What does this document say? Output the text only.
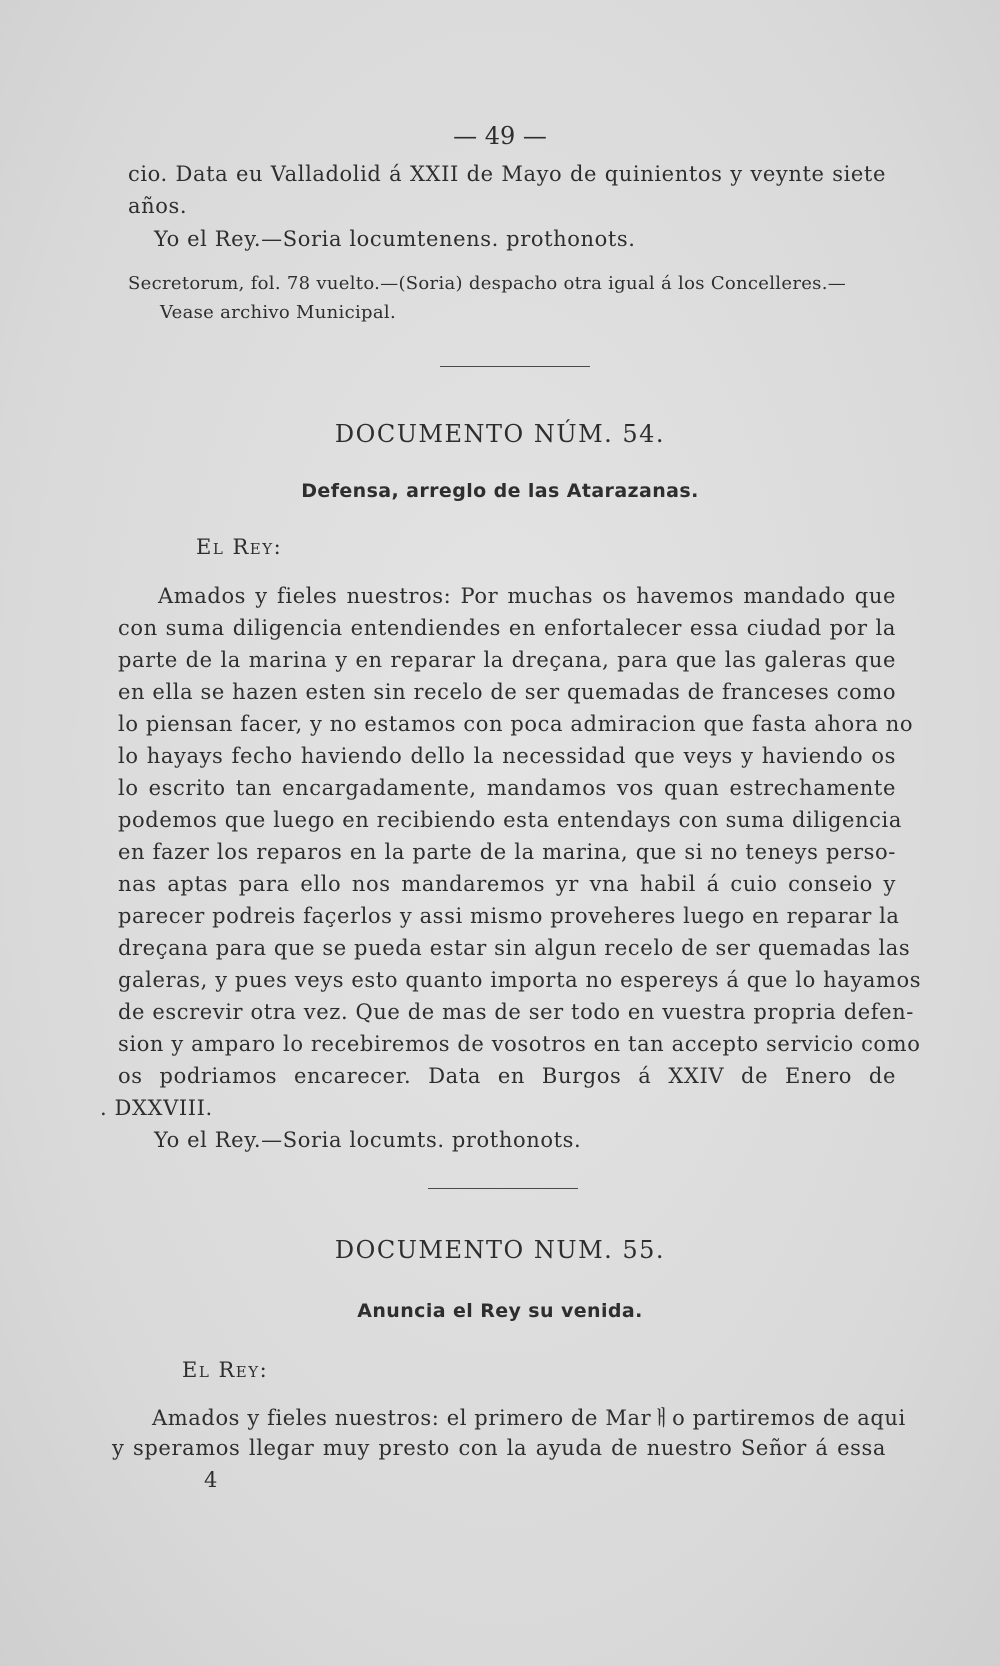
— 49 —
cio. Data eu Valladolid á XXII de Mayo de quinientos y veynte siete
años.
Yo el Rey.—Soria locumtenens. prothonots.
Secretorum, fol. 78 vuelto.—(Soria) despacho otra igual á los Concelleres.—
Vease archivo Municipal.
DOCUMENTO NÚM. 54.
Defensa, arreglo de las Atarazanas.
El Rey:
Amados y fieles nuestros: Por muchas os havemos mandado que
con suma diligencia entendiendes en enfortalecer essa ciudad por la
parte de la marina y en reparar la dreçana, para que las galeras que
en ella se hazen esten sin recelo de ser quemadas de franceses como
lo piensan facer, y no estamos con poca admiracion que fasta ahora no
lo hayays fecho haviendo dello la necessidad que veys y haviendo os
lo escrito tan encargadamente, mandamos vos quan estrechamente
podemos que luego en recibiendo esta entendays con suma diligencia
en fazer los reparos en la parte de la marina, que si no teneys perso-
nas aptas para ello nos mandaremos yr vna habil á cuio conseio y
parecer podreis façerlos y assi mismo proveheres luego en reparar la
dreçana para que se pueda estar sin algun recelo de ser quemadas las
galeras, y pues veys esto quanto importa no espereys á que lo hayamos
de escrevir otra vez. Que de mas de ser todo en vuestra propria defen-
sion y amparo lo recebiremos de vosotros en tan accepto servicio como
os podriamos encarecer. Data en Burgos á XXIV de Enero de
. DXXVIII.
Yo el Rey.—Soria locumts. prothonots.
DOCUMENTO NUM. 55.
Anuncia el Rey su venida.
El Rey:
Amados y fieles nuestros: el primero de Marￃo partiremos de aqui
y speramos llegar muy presto con la ayuda de nuestro Señor á essa
4
